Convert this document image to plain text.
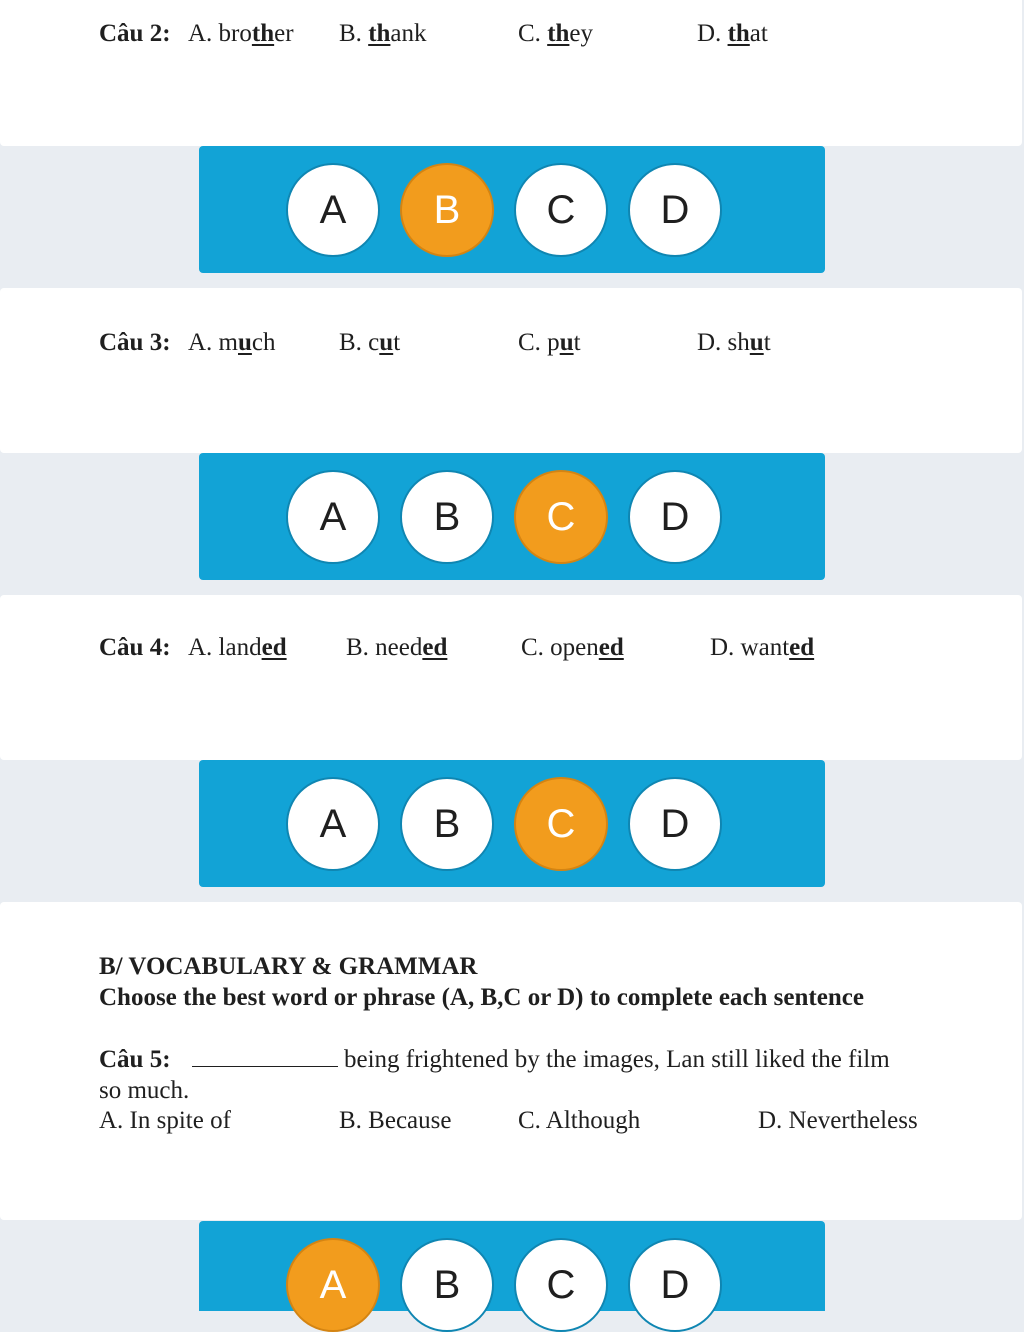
Câu 2: A. brother B. thank	C. they	D. that
A	B	C	D
Câu 3: A. much	B. cut	C. put	D. shut
A	B	C	D
Câu 4: A. landed B. needed	C. opened	D. wanted
A	B	C	D
B/ VOCABULARY & GRAMMAR
Choose the best word or phrase (A, B,C or D) to complete each sentence
Câu 5:	being frightened by the images, Lan still liked the film
so much.
A. In spite of	B. Because	C. Although	D. Nevertheless
A	B	C	D
